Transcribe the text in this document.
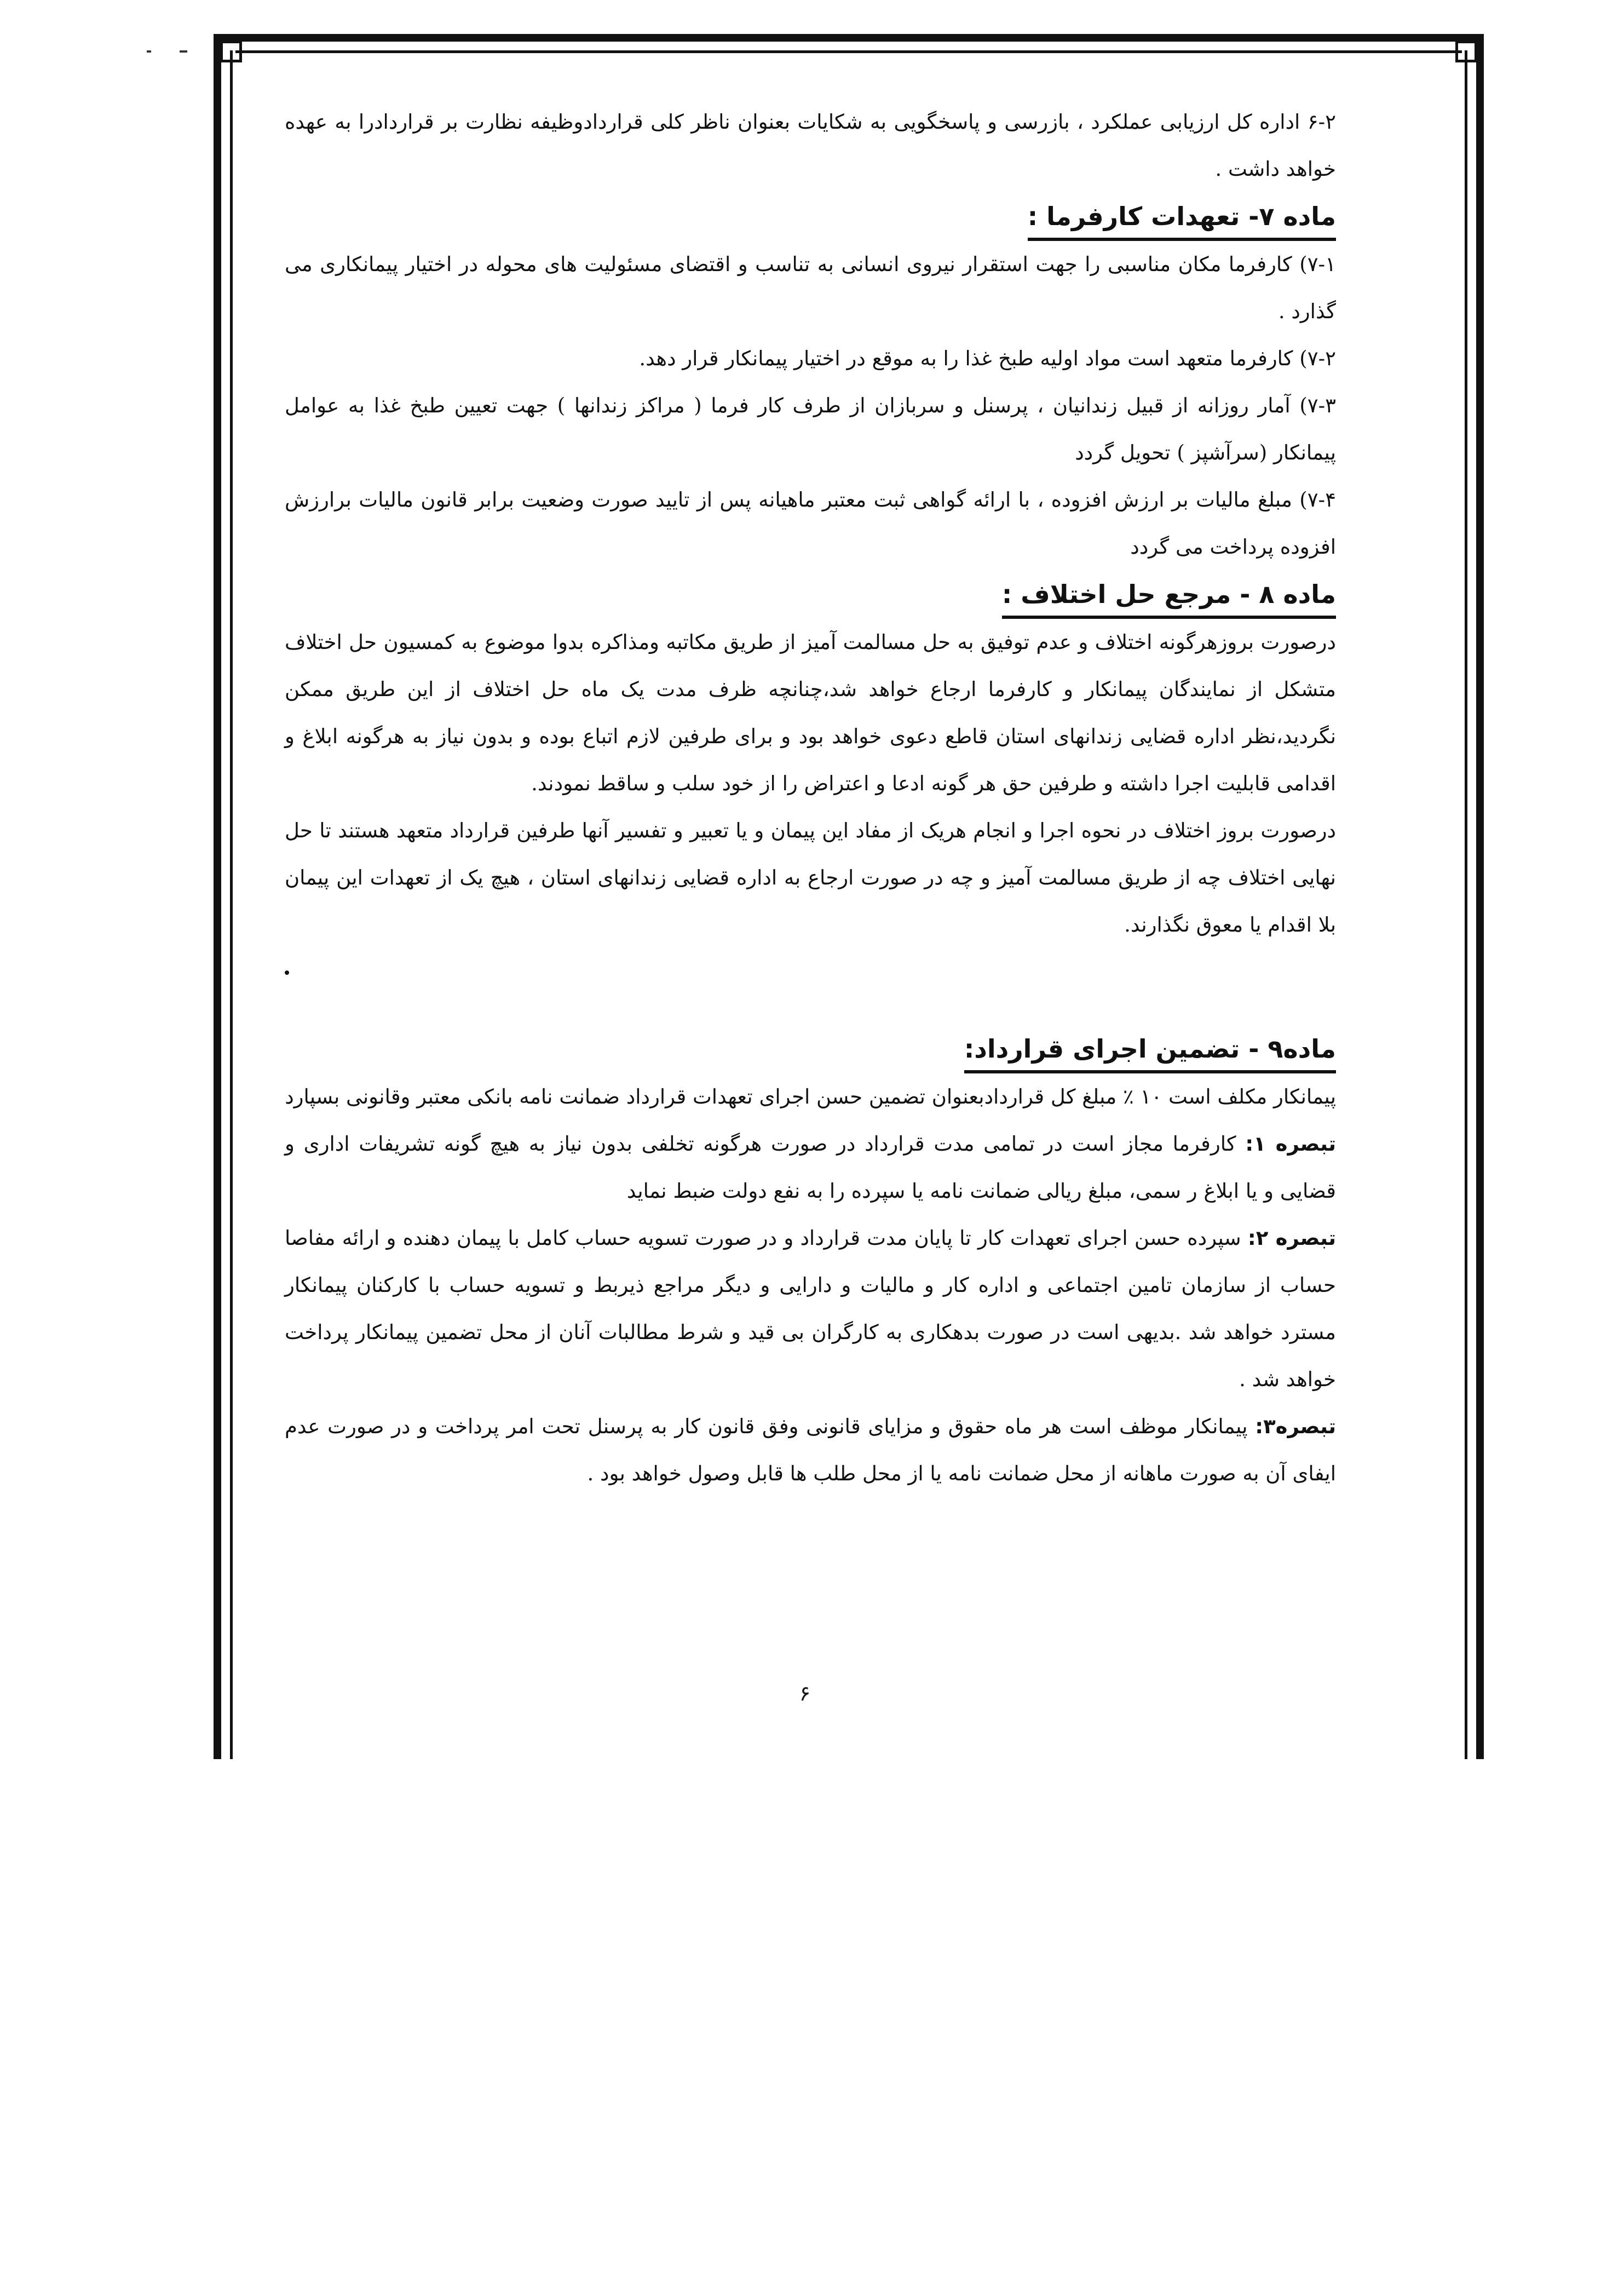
۶-۲ اداره کل ارزیابی عملکرد ، بازرسی و پاسخگویی به شکایات بعنوان ناظر کلی قراردادوظیفه نظارت بر قراردادرا به عهده خواهد داشت .

ماده ۷- تعهدات کارفرما :

۷-۱) کارفرما مکان مناسبی را جهت استقرار نیروی انسانی به تناسب و اقتضای مسئولیت های محوله در اختیار پیمانکاری می گذارد .

۷-۲) کارفرما متعهد است مواد اولیه طبخ غذا را به موقع در اختیار پیمانکار قرار دهد.

۷-۳) آمار روزانه از قبیل زندانیان ، پرسنل و سربازان از طرف کار فرما ( مراکز زندانها ) جهت تعیین طبخ غذا به عوامل پیمانکار (سرآشپز ) تحویل گردد

۷-۴) مبلغ مالیات بر ارزش افزوده ، با ارائه گواهی ثبت معتبر ماهیانه پس از تایید صورت وضعیت برابر قانون مالیات برارزش افزوده پرداخت می گردد

ماده ۸ - مرجع حل اختلاف :

درصورت بروزهرگونه اختلاف و عدم توفیق به حل مسالمت آمیز از طریق مکاتبه ومذاکره بدوا موضوع به کمسیون حل اختلاف متشکل از نمایندگان پیمانکار و کارفرما ارجاع خواهد شد،چنانچه ظرف مدت یک ماه حل اختلاف از این طریق ممکن نگردید،نظر اداره قضایی زندانهای استان قاطع دعوی خواهد بود و برای طرفین لازم اتباع بوده و بدون نیاز به هرگونه ابلاغ و اقدامی قابلیت اجرا داشته و طرفین حق هر گونه ادعا و اعتراض را از خود سلب و ساقط نمودند.

درصورت بروز اختلاف در نحوه اجرا و انجام هریک از مفاد این پیمان و یا تعبیر و تفسیر آنها طرفین قرارداد متعهد هستند تا حل نهایی اختلاف چه از طریق مسالمت آمیز و چه در صورت ارجاع به اداره قضایی زندانهای استان ، هیچ یک از تعهدات این پیمان بلا اقدام یا معوق نگذارند.

ماده۹ - تضمین اجرای قرارداد:

پیمانکار مکلف است ۱۰ ٪ مبلغ کل قراردادبعنوان تضمین حسن اجرای تعهدات قرارداد ضمانت نامه بانکی معتبر وقانونی بسپارد

تبصره ۱: کارفرما مجاز است در تمامی مدت قرارداد در صورت هرگونه تخلفی بدون نیاز به هیچ گونه تشریفات اداری و قضایی و یا ابلاغ ر سمی، مبلغ ریالی ضمانت نامه یا سپرده را به نفع دولت ضبط نماید

تبصره ۲: سپرده حسن اجرای تعهدات کار تا پایان مدت قرارداد و در صورت تسویه حساب کامل با پیمان دهنده و ارائه مفاصا حساب از سازمان تامین اجتماعی و اداره کار و مالیات و دارایی و دیگر مراجع ذیربط و تسویه حساب با کارکنان پیمانکار مسترد خواهد شد .بدیهی است در صورت بدهکاری به کارگران بی قید و شرط مطالبات آنان از محل تضمین پیمانکار پرداخت خواهد شد .

تبصره۳: پیمانکار موظف است هر ماه حقوق و مزایای قانونی وفق قانون کار به پرسنل تحت امر پرداخت و در صورت عدم ایفای آن به صورت ماهانه از محل ضمانت نامه یا از محل طلب ها قابل وصول خواهد بود .

۶
